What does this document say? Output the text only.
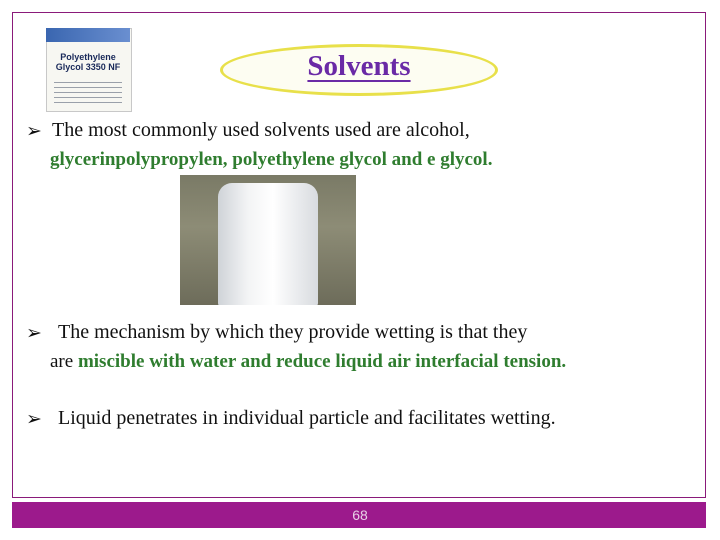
Solvents
➢ The most commonly used solvents used are alcohol,
glycerinpolypropylen, polyethylene glycol and e glycol.
Polyethylene Glycol 3350 NF
➢ The mechanism by which they provide wetting is that they
are miscible with water and reduce liquid air interfacial tension.
➢ Liquid penetrates in individual particle and facilitates wetting.
68
